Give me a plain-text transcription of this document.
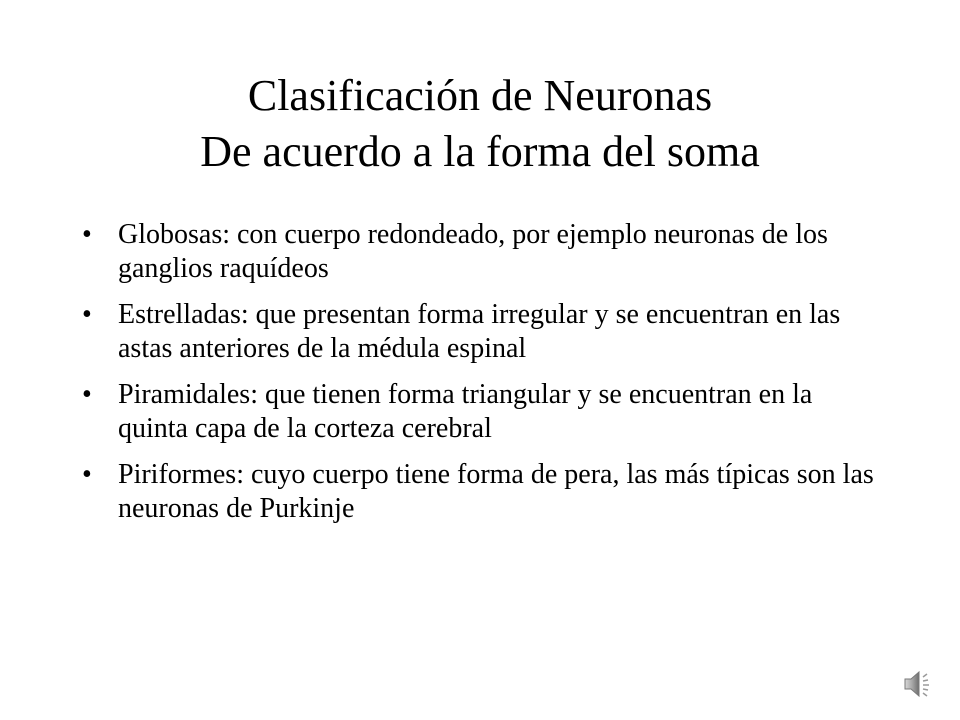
Clasificación de Neuronas
De acuerdo a la forma del soma
• Globosas: con cuerpo redondeado, por ejemplo neuronas de los ganglios raquídeos
• Estrelladas: que presentan forma irregular y se encuentran en las astas anteriores de la médula espinal
• Piramidales: que tienen forma triangular y se encuentran en la quinta capa de la corteza cerebral
• Piriformes: cuyo cuerpo tiene forma de pera, las más típicas son las neuronas de Purkinje
